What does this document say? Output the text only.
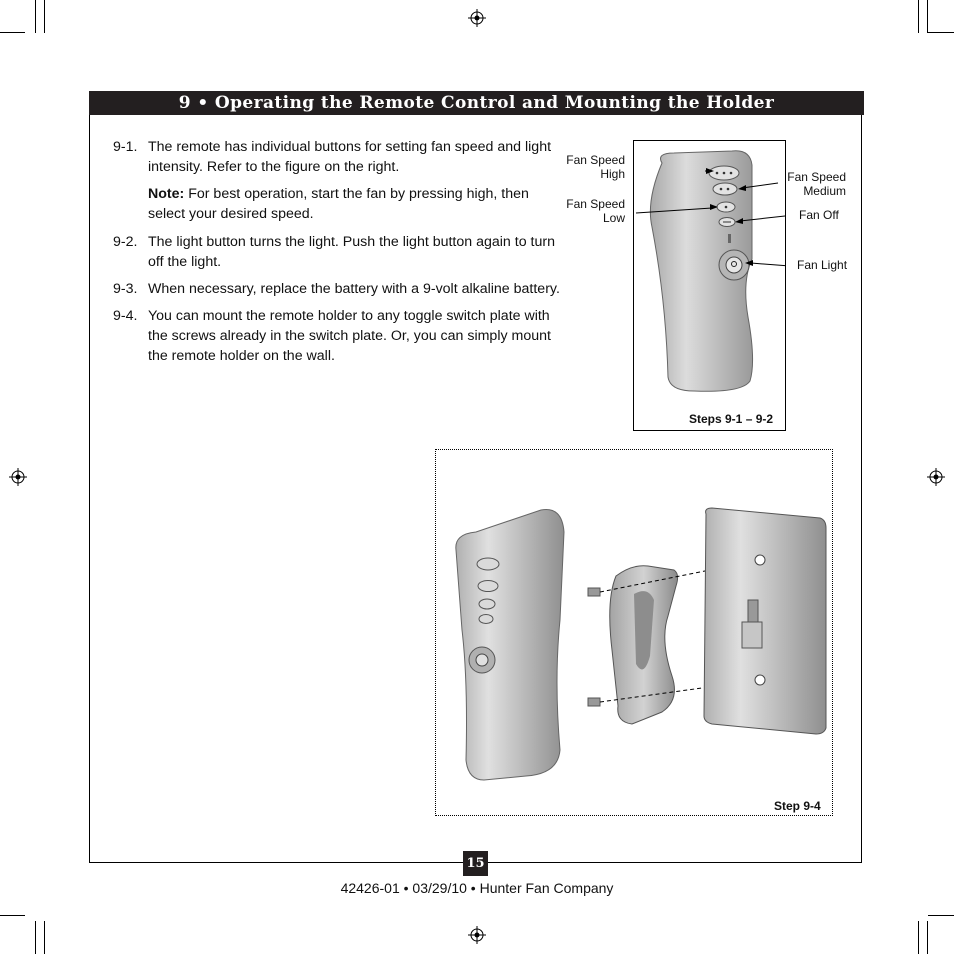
9 • Operating the Remote Control and Mounting the Holder
9-1. The remote has individual buttons for setting fan speed and light intensity. Refer to the figure on the right.
Note: For best operation, start the fan by pressing high, then select your desired speed.
9-2. The light button turns the light. Push the light button again to turn off the light.
9-3. When necessary, replace the battery with a 9-volt alkaline battery.
9-4. You can mount the remote holder to any toggle switch plate with the screws already in the switch plate. Or, you can simply mount the remote holder on the wall.
Fan Speed
High	Fan Speed
Medium
Fan Speed
Low	Fan Off
Fan Light
Steps 9-1 – 9-2
Step 9-4
15
42426-01 • 03/29/10 • Hunter Fan Company
